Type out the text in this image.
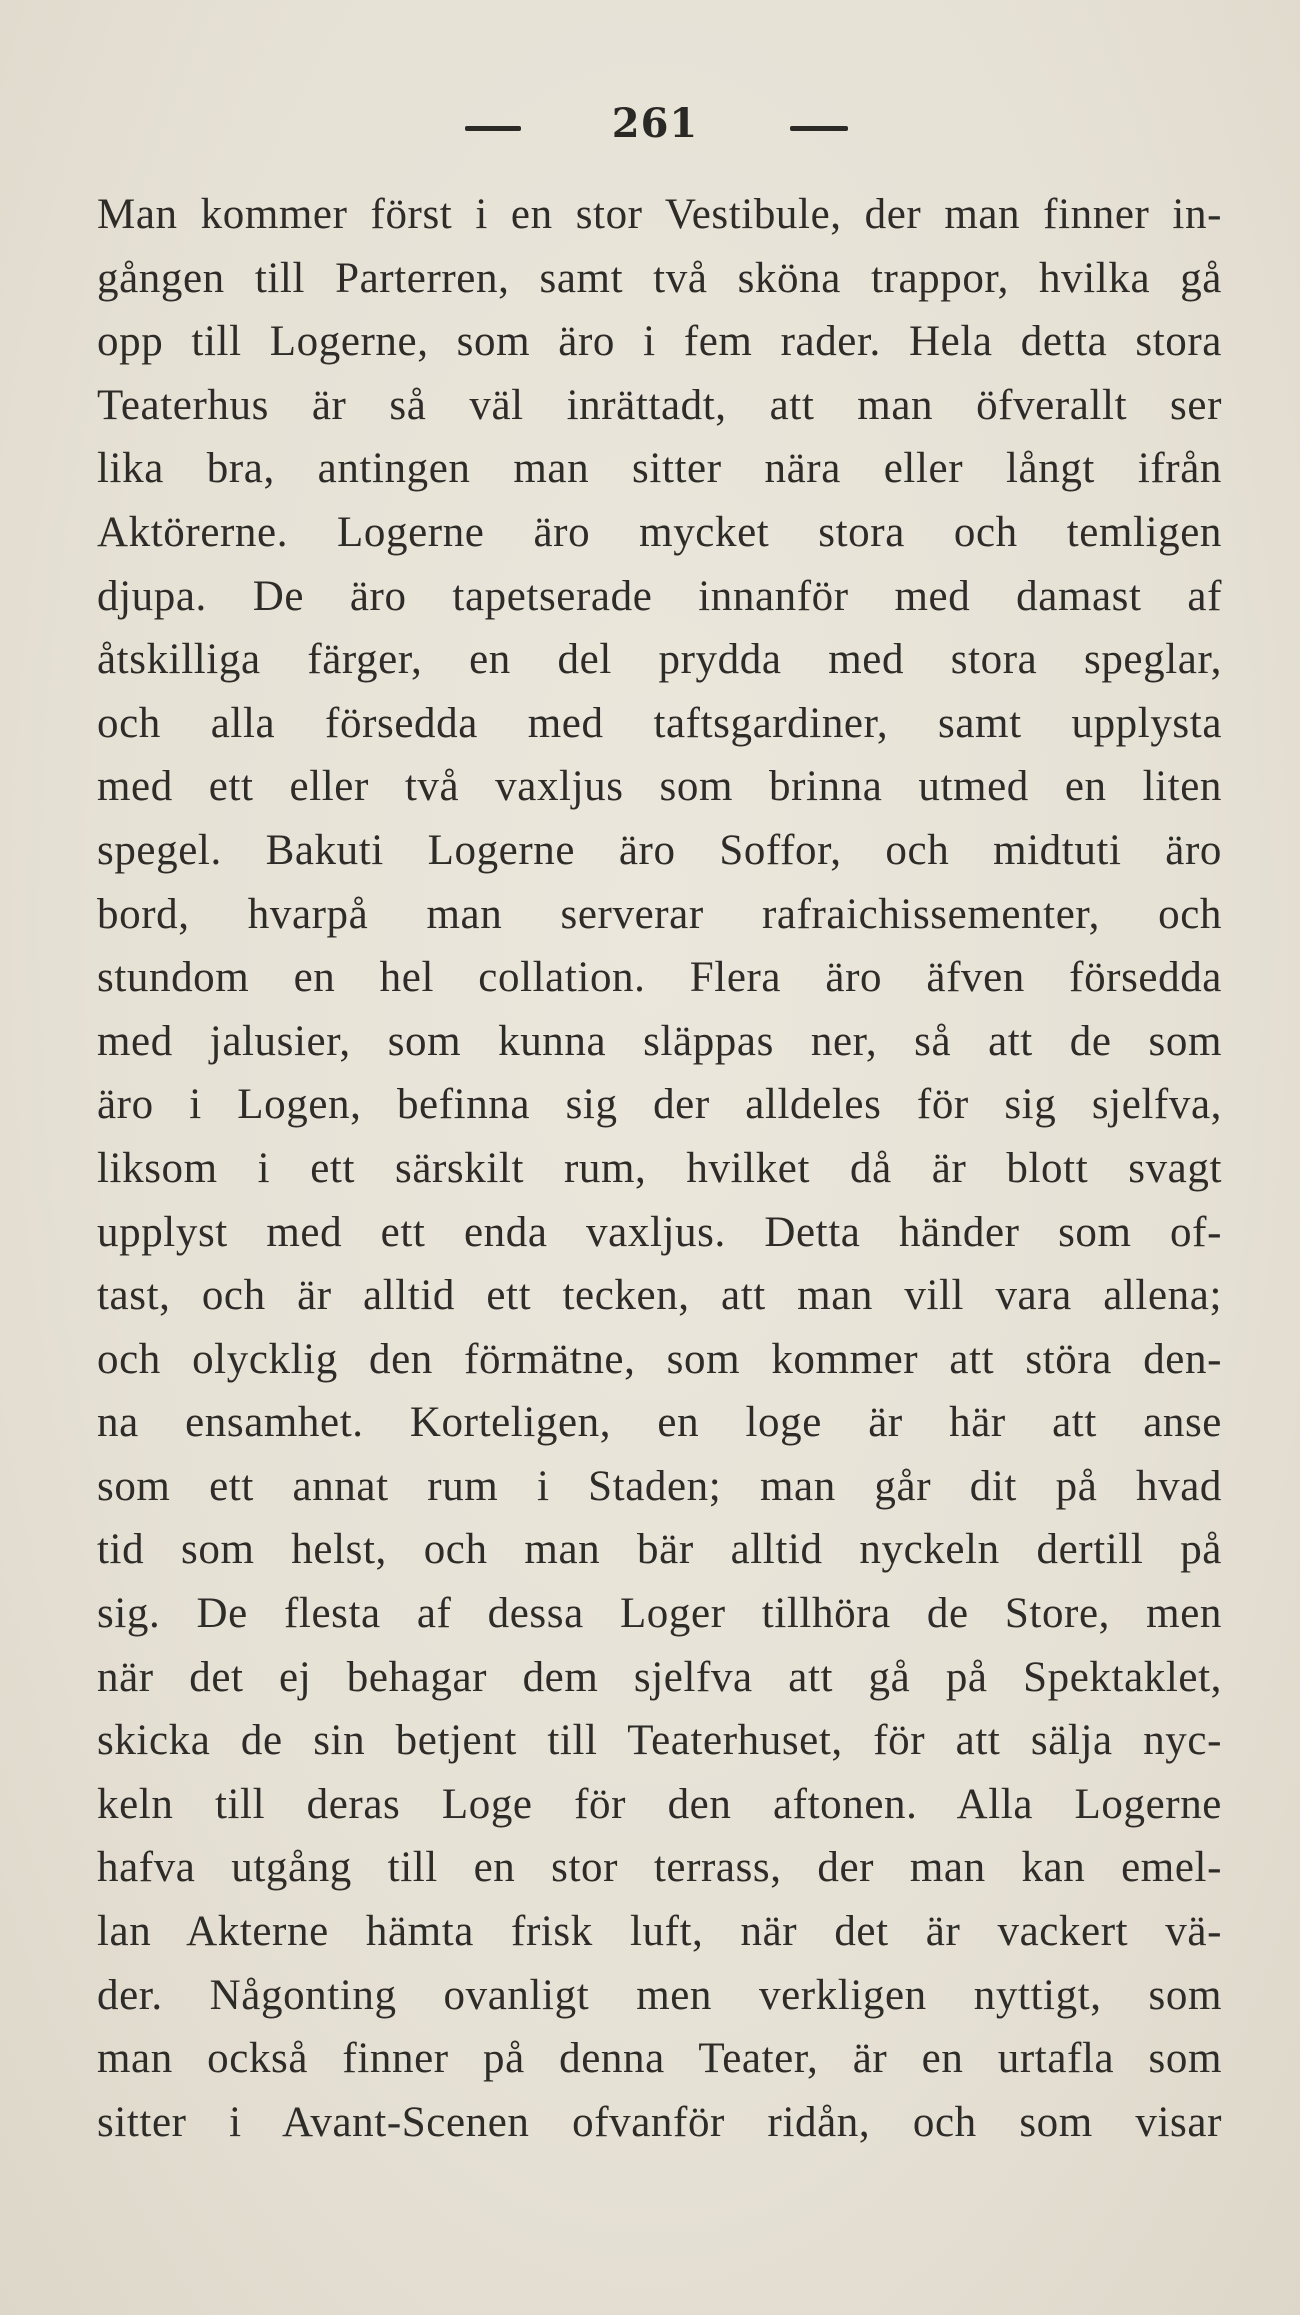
261
Man kommer först i en stor Vestibule, der man finner in-
gången till Parterren, samt två sköna trappor, hvilka gå
opp till Logerne, som äro i fem rader. Hela detta stora
Teaterhus är så väl inrättadt, att man öfverallt ser
lika bra, antingen man sitter nära eller långt ifrån
Aktörerne. Logerne äro mycket stora och temligen
djupa. De äro tapetserade innanför med damast af
åtskilliga färger, en del prydda med stora speglar,
och alla försedda med taftsgardiner, samt upplysta
med ett eller två vaxljus som brinna utmed en liten
spegel. Bakuti Logerne äro Soffor, och midtuti äro
bord, hvarpå man serverar rafraichissementer, och
stundom en hel collation. Flera äro äfven försedda
med jalusier, som kunna släppas ner, så att de som
äro i Logen, befinna sig der alldeles för sig sjelfva,
liksom i ett särskilt rum, hvilket då är blott svagt
upplyst med ett enda vaxljus. Detta händer som of-
tast, och är alltid ett tecken, att man vill vara allena;
och olycklig den förmätne, som kommer att störa den-
na ensamhet. Korteligen, en loge är här att anse
som ett annat rum i Staden; man går dit på hvad
tid som helst, och man bär alltid nyckeln dertill på
sig. De flesta af dessa Loger tillhöra de Store, men
när det ej behagar dem sjelfva att gå på Spektaklet,
skicka de sin betjent till Teaterhuset, för att sälja nyc-
keln till deras Loge för den aftonen. Alla Logerne
hafva utgång till en stor terrass, der man kan emel-
lan Akterne hämta frisk luft, när det är vackert vä-
der. Någonting ovanligt men verkligen nyttigt, som
man också finner på denna Teater, är en urtafla som
sitter i Avant-Scenen ofvanför ridån, och som visar
